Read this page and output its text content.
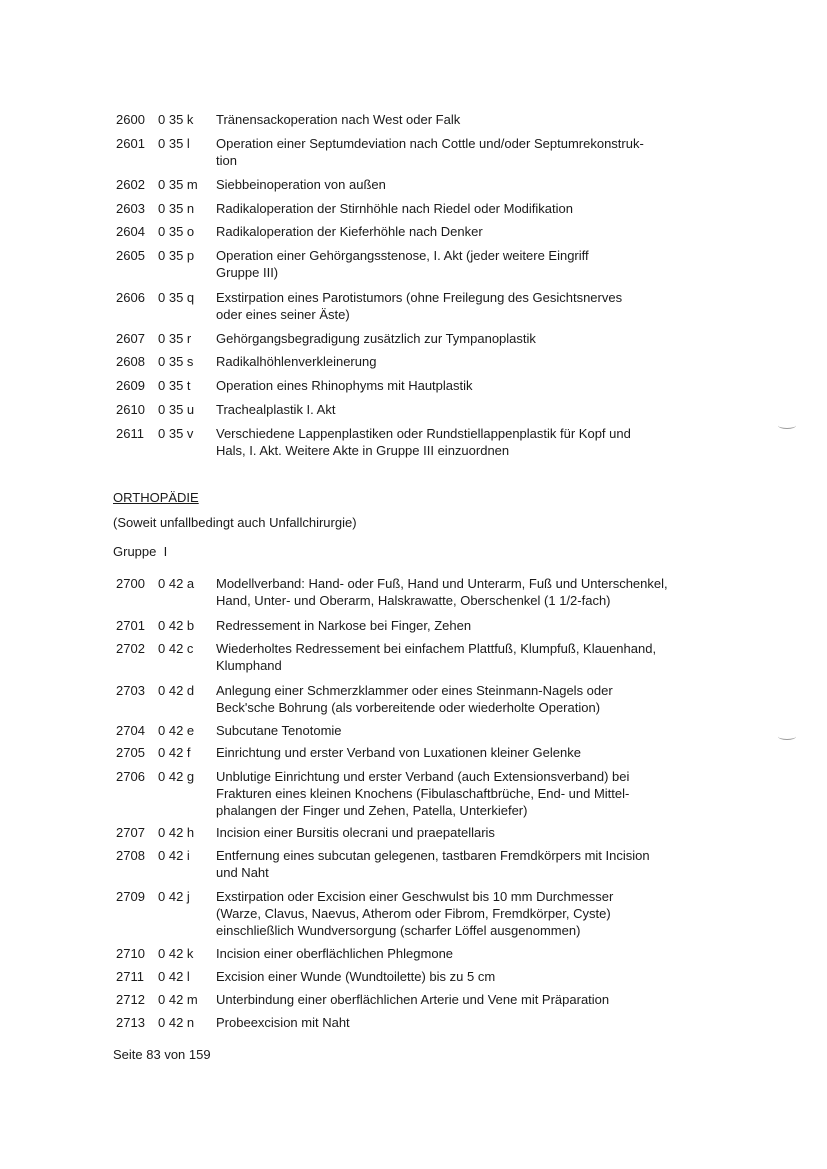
2600	0 35 k	Tränensackoperation nach West oder Falk
2601	0 35 l	Operation einer Septumdeviation nach Cottle und/oder Septumrekonstruk-
tion
2602	0 35 m	Siebbeinoperation von außen
2603	0 35 n	Radikaloperation der Stirnhöhle nach Riedel oder Modifikation
2604	0 35 o	Radikaloperation der Kieferhöhle nach Denker
2605	0 35 p	Operation einer Gehörgangsstenose, I. Akt (jeder weitere Eingriff
Gruppe III)
2606	0 35 q	Exstirpation eines Parotistumors (ohne Freilegung des Gesichtsnerves
oder eines seiner Äste)
2607	0 35 r	Gehörgangsbegradigung zusätzlich zur Tympanoplastik
2608	0 35 s	Radikalhöhlenverkleinerung
2609	0 35 t	Operation eines Rhinophyms mit Hautplastik
2610	0 35 u	Trachealplastik I. Akt
2611	0 35 v	Verschiedene Lappenplastiken oder Rundstiellappenplastik für Kopf und
Hals, I. Akt. Weitere Akte in Gruppe III einzuordnen
ORTHOPÄDIE
(Soweit unfallbedingt auch Unfallchirurgie)
Gruppe  I
2700	0 42 a	Modellverband: Hand- oder Fuß, Hand und Unterarm, Fuß und Unterschenkel,
Hand, Unter- und Oberarm, Halskrawatte, Oberschenkel (1 1/2-fach)
2701	0 42 b	Redressement in Narkose bei Finger, Zehen
2702	0 42 c	Wiederholtes Redressement bei einfachem Plattfuß, Klumpfuß, Klauenhand,
Klumphand
2703	0 42 d	Anlegung einer Schmerzklammer oder eines Steinmann-Nagels oder
Beck'sche Bohrung (als vorbereitende oder wiederholte Operation)
2704	0 42 e	Subcutane Tenotomie
2705	0 42 f	Einrichtung und erster Verband von Luxationen kleiner Gelenke
2706	0 42 g	Unblutige Einrichtung und erster Verband (auch Extensionsverband) bei
Frakturen eines kleinen Knochens (Fibulaschaftbrüche, End- und Mittel-
phalangen der Finger und Zehen, Patella, Unterkiefer)
2707	0 42 h	Incision einer Bursitis olecrani und praepatellaris
2708	0 42 i	Entfernung eines subcutan gelegenen, tastbaren Fremdkörpers mit Incision
und Naht
2709	0 42 j	Exstirpation oder Excision einer Geschwulst bis 10 mm Durchmesser
(Warze, Clavus, Naevus, Atherom oder Fibrom, Fremdkörper, Cyste)
einschließlich Wundversorgung (scharfer Löffel ausgenommen)
2710	0 42 k	Incision einer oberflächlichen Phlegmone
2711	0 42 l	Excision einer Wunde (Wundtoilette) bis zu 5 cm
2712	0 42 m	Unterbindung einer oberflächlichen Arterie und Vene mit Präparation
2713	0 42 n	Probeexcision mit Naht
Seite 83 von 159
